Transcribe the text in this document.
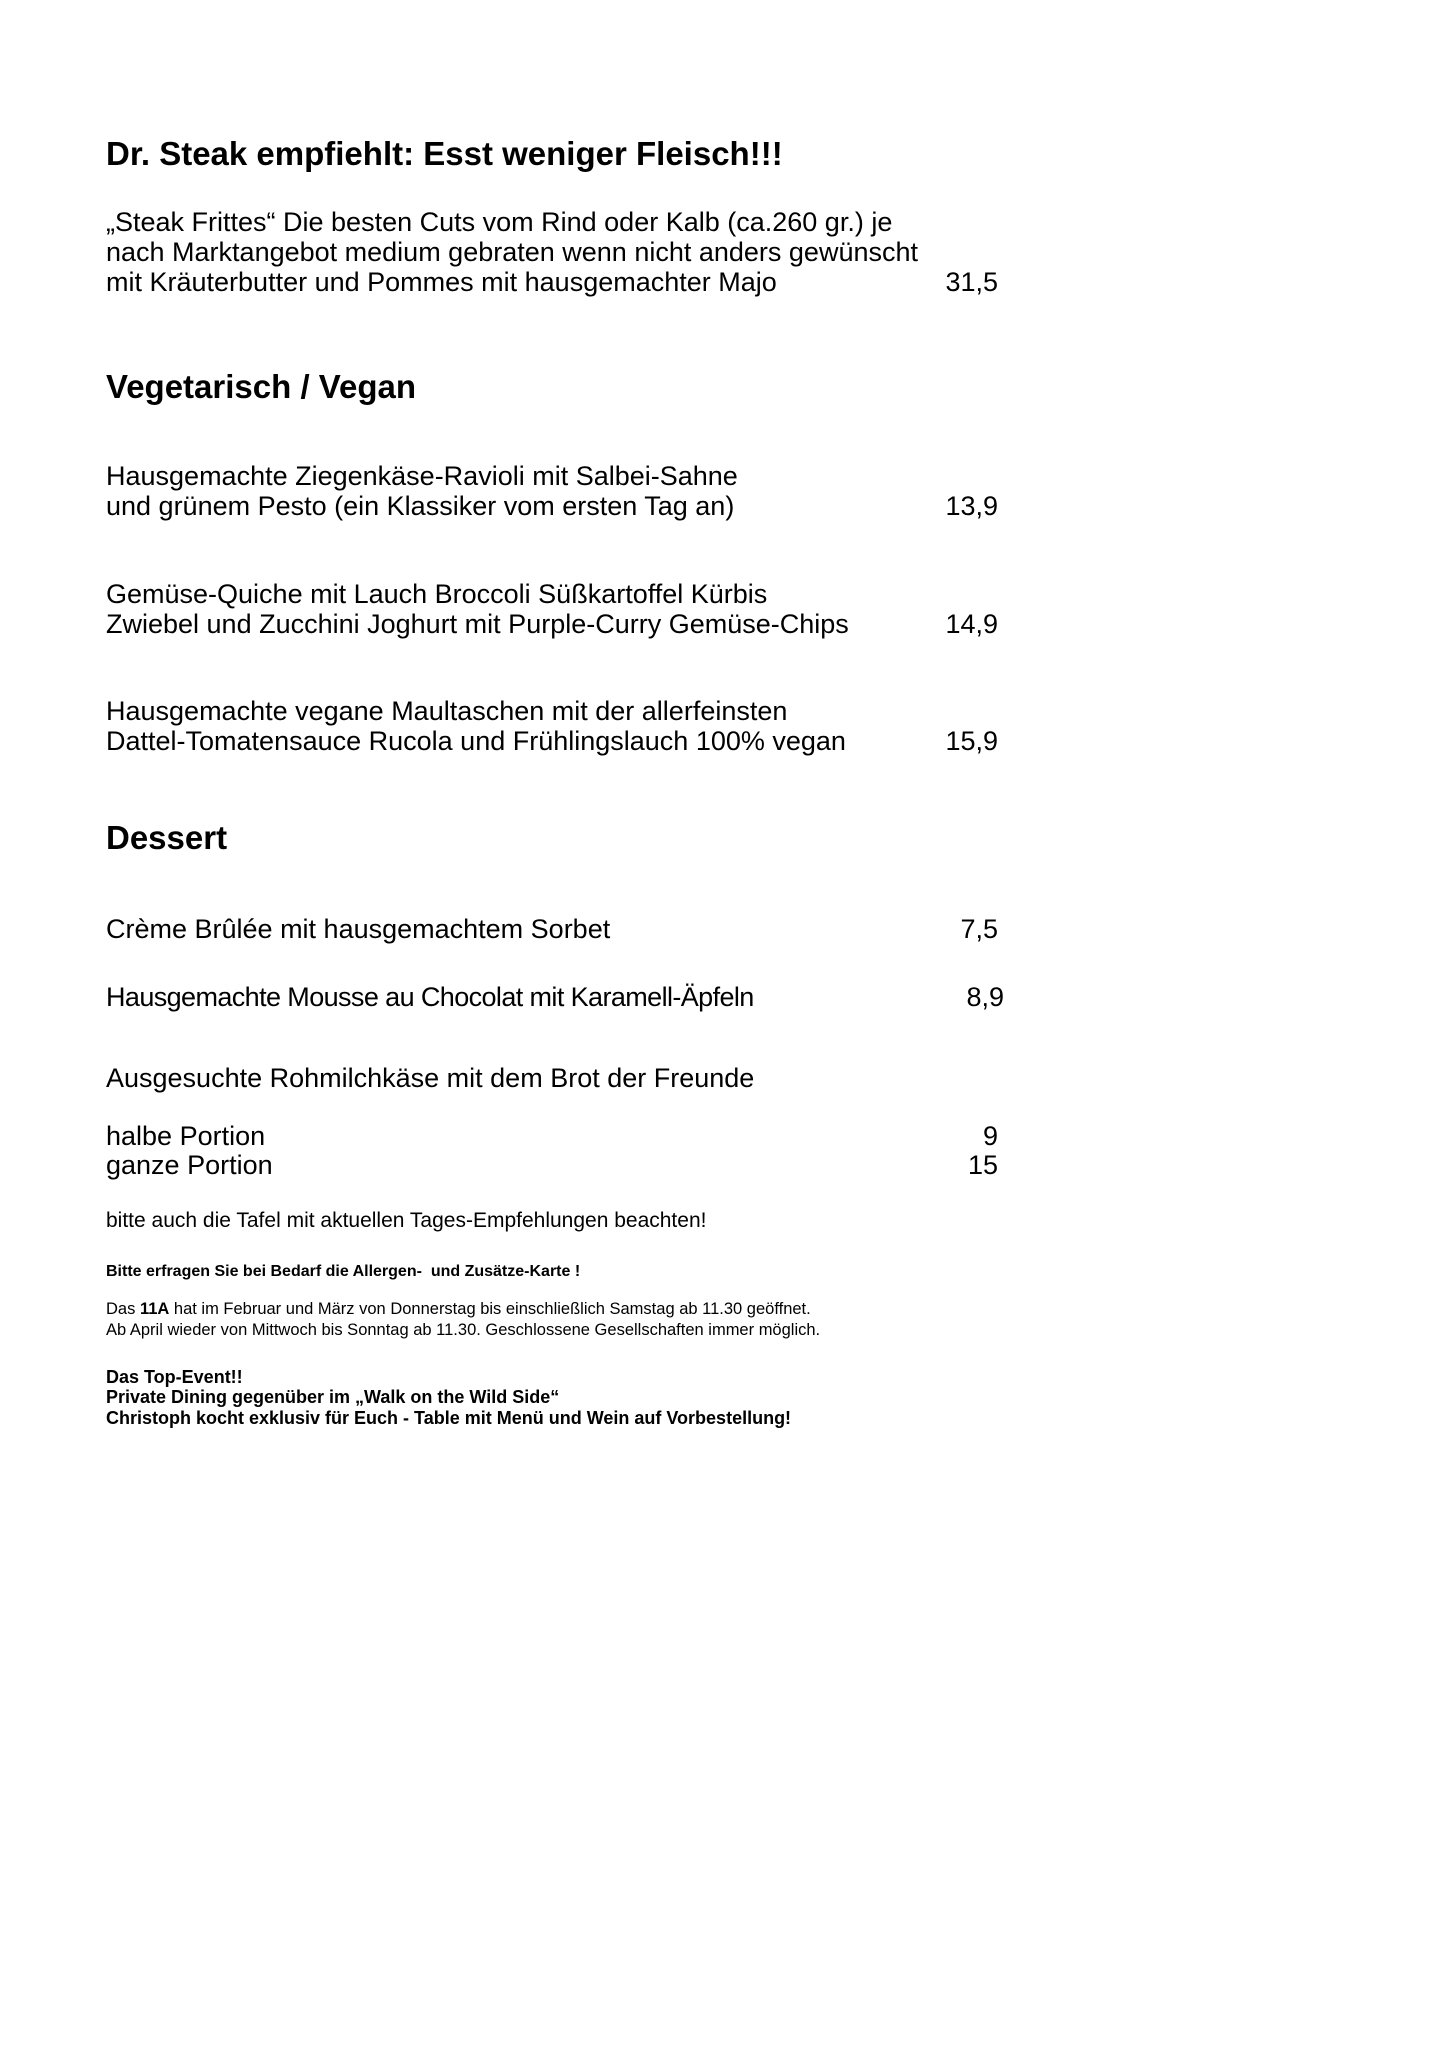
Dr. Steak empfiehlt: Esst weniger Fleisch!!!
„Steak Frittes“ Die besten Cuts vom Rind oder Kalb (ca.260 gr.) je
nach Marktangebot medium gebraten wenn nicht anders gewünscht
mit Kräuterbutter und Pommes mit hausgemachter Majo	31,5
Vegetarisch / Vegan
Hausgemachte Ziegenkäse-Ravioli mit Salbei-Sahne
und grünem Pesto (ein Klassiker vom ersten Tag an)	13,9
Gemüse-Quiche mit Lauch Broccoli Süßkartoffel Kürbis
Zwiebel und Zucchini Joghurt mit Purple-Curry Gemüse-Chips	14,9
Hausgemachte vegane Maultaschen mit der allerfeinsten
Dattel-Tomatensauce Rucola und Frühlingslauch 100% vegan	15,9
Dessert
Crème Brûlée mit hausgemachtem Sorbet	7,5
Hausgemachte Mousse au Chocolat mit Karamell-Äpfeln	8,9
Ausgesuchte Rohmilchkäse mit dem Brot der Freunde
halbe Portion	9
ganze Portion	15
bitte auch die Tafel mit aktuellen Tages-Empfehlungen beachten!
Bitte erfragen Sie bei Bedarf die Allergen-  und Zusätze-Karte !
Das 11A hat im Februar und März von Donnerstag bis einschließlich Samstag ab 11.30 geöffnet.
Ab April wieder von Mittwoch bis Sonntag ab 11.30. Geschlossene Gesellschaften immer möglich.
Das Top-Event!!
Private Dining gegenüber im „Walk on the Wild Side“
Christoph kocht exklusiv für Euch - Table mit Menü und Wein auf Vorbestellung!
